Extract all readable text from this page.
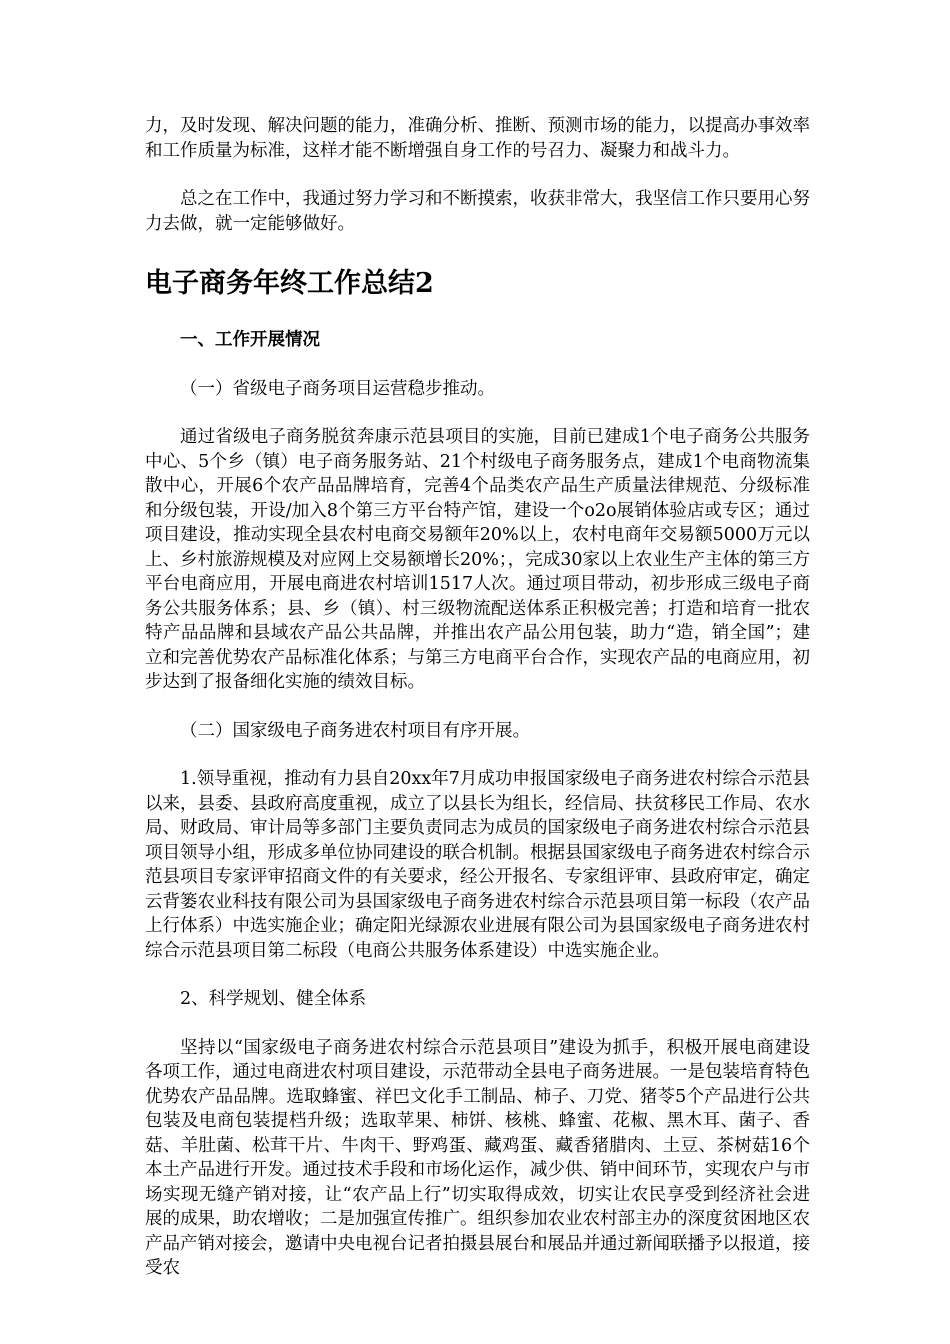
力，及时发现、解决问题的能力，准确分析、推断、预测市场的能力，以提高办事效率和工作质量为标准，这样才能不断增强自身工作的号召力、凝聚力和战斗力。

总之在工作中，我通过努力学习和不断摸索，收获非常大，我坚信工作只要用心努力去做，就一定能够做好。

电子商务年终工作总结2
一、工作开展情况

（一）省级电子商务项目运营稳步推动。

通过省级电子商务脱贫奔康示范县项目的实施，目前已建成1个电子商务公共服务中心、5个乡（镇）电子商务服务站、21个村级电子商务服务点，建成1个电商物流集散中心，开展6个农产品品牌培育，完善4个品类农产品生产质量法律规范、分级标准和分级包装，开设/加入8个第三方平台特产馆，建设一个o2o展销体验店或专区；通过项目建设，推动实现全县农村电商交易额年20%以上，农村电商年交易额5000万元以上、乡村旅游规模及对应网上交易额增长20%；，完成30家以上农业生产主体的第三方平台电商应用，开展电商进农村培训1517人次。通过项目带动，初步形成三级电子商务公共服务体系；县、乡（镇）、村三级物流配送体系正积极完善；打造和培育一批农特产品品牌和县域农产品公共品牌，并推出农产品公用包装，助力“造，销全国”；建立和完善优势农产品标准化体系；与第三方电商平台合作，实现农产品的电商应用，初步达到了报备细化实施的绩效目标。

（二）国家级电子商务进农村项目有序开展。

1.领导重视，推动有力县自20xx年7月成功申报国家级电子商务进农村综合示范县以来，县委、县政府高度重视，成立了以县长为组长，经信局、扶贫移民工作局、农水局、财政局、审计局等多部门主要负责同志为成员的国家级电子商务进农村综合示范县项目领导小组，形成多单位协同建设的联合机制。根据县国家级电子商务进农村综合示范县项目专家评审招商文件的有关要求，经公开报名、专家组评审、县政府审定，确定云背篓农业科技有限公司为县国家级电子商务进农村综合示范县项目第一标段（农产品上行体系）中选实施企业；确定阳光绿源农业进展有限公司为县国家级电子商务进农村综合示范县项目第二标段（电商公共服务体系建设）中选实施企业。

2、科学规划、健全体系

坚持以“国家级电子商务进农村综合示范县项目”建设为抓手，积极开展电商建设各项工作，通过电商进农村项目建设，示范带动全县电子商务进展。一是包装培育特色优势农产品品牌。选取蜂蜜、祥巴文化手工制品、柿子、刀党、猪苓5个产品进行公共包装及电商包装提档升级；选取苹果、柿饼、核桃、蜂蜜、花椒、黑木耳、菌子、香菇、羊肚菌、松茸干片、牛肉干、野鸡蛋、藏鸡蛋、藏香猪腊肉、土豆、茶树菇16个本土产品进行开发。通过技术手段和市场化运作，减少供、销中间环节，实现农户与市场实现无缝产销对接，让“农产品上行”切实取得成效，切实让农民享受到经济社会进展的成果，助农增收；二是加强宣传推广。组织参加农业农村部主办的深度贫困地区农产品产销对接会，邀请中央电视台记者拍摄县展台和展品并通过新闻联播予以报道，接受农
